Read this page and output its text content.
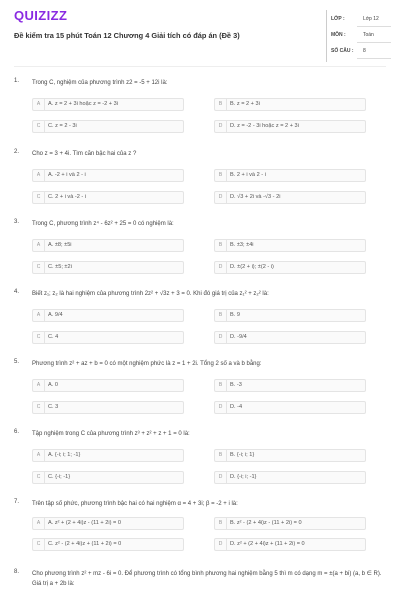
QUIZIZZ
Đề kiểm tra 15 phút Toán 12 Chương 4 Giải tích có đáp án (Đề 3)
LỚP :	Lớp 12
MÔN :	Toán
SỐ CÂU : 8
1. Trong C, nghiệm của phương trình z2 = -5 + 12i là:
A	A. z = 2 + 3i hoặc z = -2 + 3i	B	B. z = 2 + 3i
C	C. z = 2 - 3i	D	D. z = -2 - 3i hoặc z = 2 + 3i
2. Cho z = 3 + 4i. Tìm căn bậc hai của z ?
A	A. -2 + i và 2 - i	B	B. 2 + i và 2 - i
C	C. 2 + i và -2 - i	D	D. √3 + 2i và -√3 - 2i
3. Trong C, phương trình z⁴ - 6z² + 25 = 0 có nghiệm là:
A	A. ±8; ±5i	B	B. ±3; ±4i
C	C. ±5; ±2i	D	D. ±(2 + i); ±(2 - i)
4. Biết z₁; z₂ là hai nghiệm của phương trình 2z² + √3z + 3 = 0. Khi đó giá trị của z₁² + z₂² là:
A	A. 9/4	B	B. 9
C	C. 4	D	D. -9/4
5. Phương trình z² + az + b = 0 có một nghiệm phức là z = 1 + 2i. Tổng 2 số a và b bằng:
A	A. 0	B	B. -3
C	C. 3	D	D. -4
6. Tập nghiệm trong C của phương trình z³ + z² + z + 1 = 0 là:
A	A. {-i; i; 1; -1}	B	B. {-i; i; 1}
C	C. {-i; -1}	D	D. {-i; i; -1}
7. Trên tập số phức, phương trình bậc hai có hai nghiệm α = 4 + 3i; β = -2 + i là:
A	A. z² + (2 + 4i)z - (11 + 2i) = 0	B	B. z² - (2 + 4i)z - (11 + 2i) = 0
C	C. z² - (2 + 4i)z + (11 + 2i) = 0	D	D. z² + (2 + 4i)z + (11 + 2i) = 0
8. Cho phương trình z² + mz - 6i = 0. Để phương trình có tổng bình phương hai nghiệm bằng 5 thì m có dạng m = ±(a + bi) (a, b ∈ R). Giá trị a + 2b là:
